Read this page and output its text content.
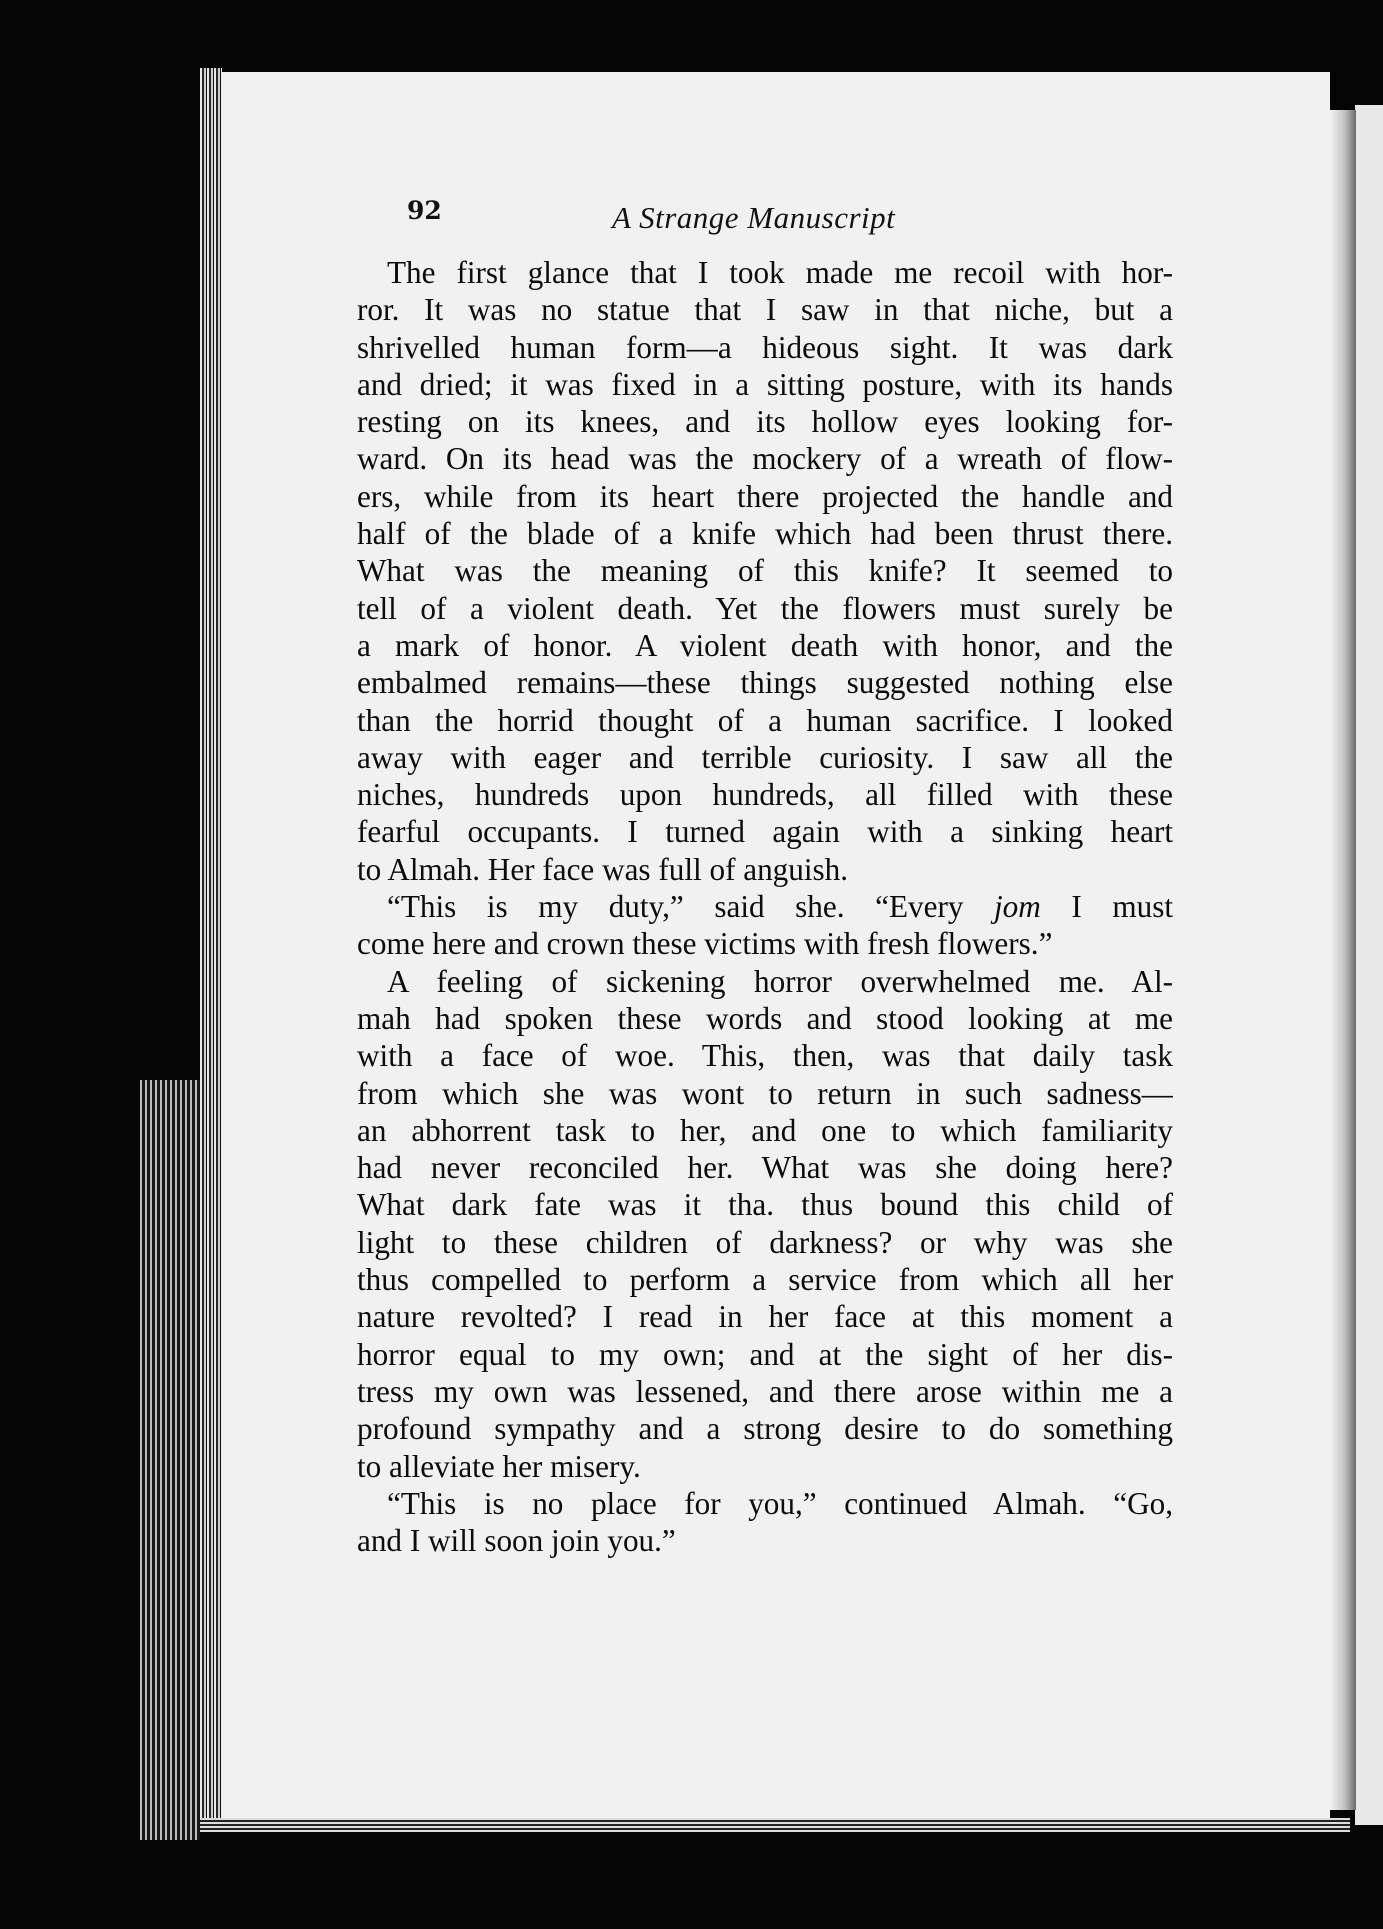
92	A Strange Manuscript
The first glance that I took made me recoil with hor-
ror. It was no statue that I saw in that niche, but a
shrivelled human form—a hideous sight. It was dark
and dried; it was fixed in a sitting posture, with its hands
resting on its knees, and its hollow eyes looking for-
ward. On its head was the mockery of a wreath of flow-
ers, while from its heart there projected the handle and
half of the blade of a knife which had been thrust there.
What was the meaning of this knife? It seemed to
tell of a violent death. Yet the flowers must surely be
a mark of honor. A violent death with honor, and the
embalmed remains—these things suggested nothing else
than the horrid thought of a human sacrifice. I looked
away with eager and terrible curiosity. I saw all the
niches, hundreds upon hundreds, all filled with these
fearful occupants. I turned again with a sinking heart
to Almah. Her face was full of anguish.
“This is my duty,” said she. “Every jom I must
come here and crown these victims with fresh flowers.”
A feeling of sickening horror overwhelmed me. Al-
mah had spoken these words and stood looking at me
with a face of woe. This, then, was that daily task
from which she was wont to return in such sadness—
an abhorrent task to her, and one to which familiarity
had never reconciled her. What was she doing here?
What dark fate was it tha. thus bound this child of
light to these children of darkness? or why was she
thus compelled to perform a service from which all her
nature revolted? I read in her face at this moment a
horror equal to my own; and at the sight of her dis-
tress my own was lessened, and there arose within me a
profound sympathy and a strong desire to do something
to alleviate her misery.
“This is no place for you,” continued Almah. “Go,
and I will soon join you.”
